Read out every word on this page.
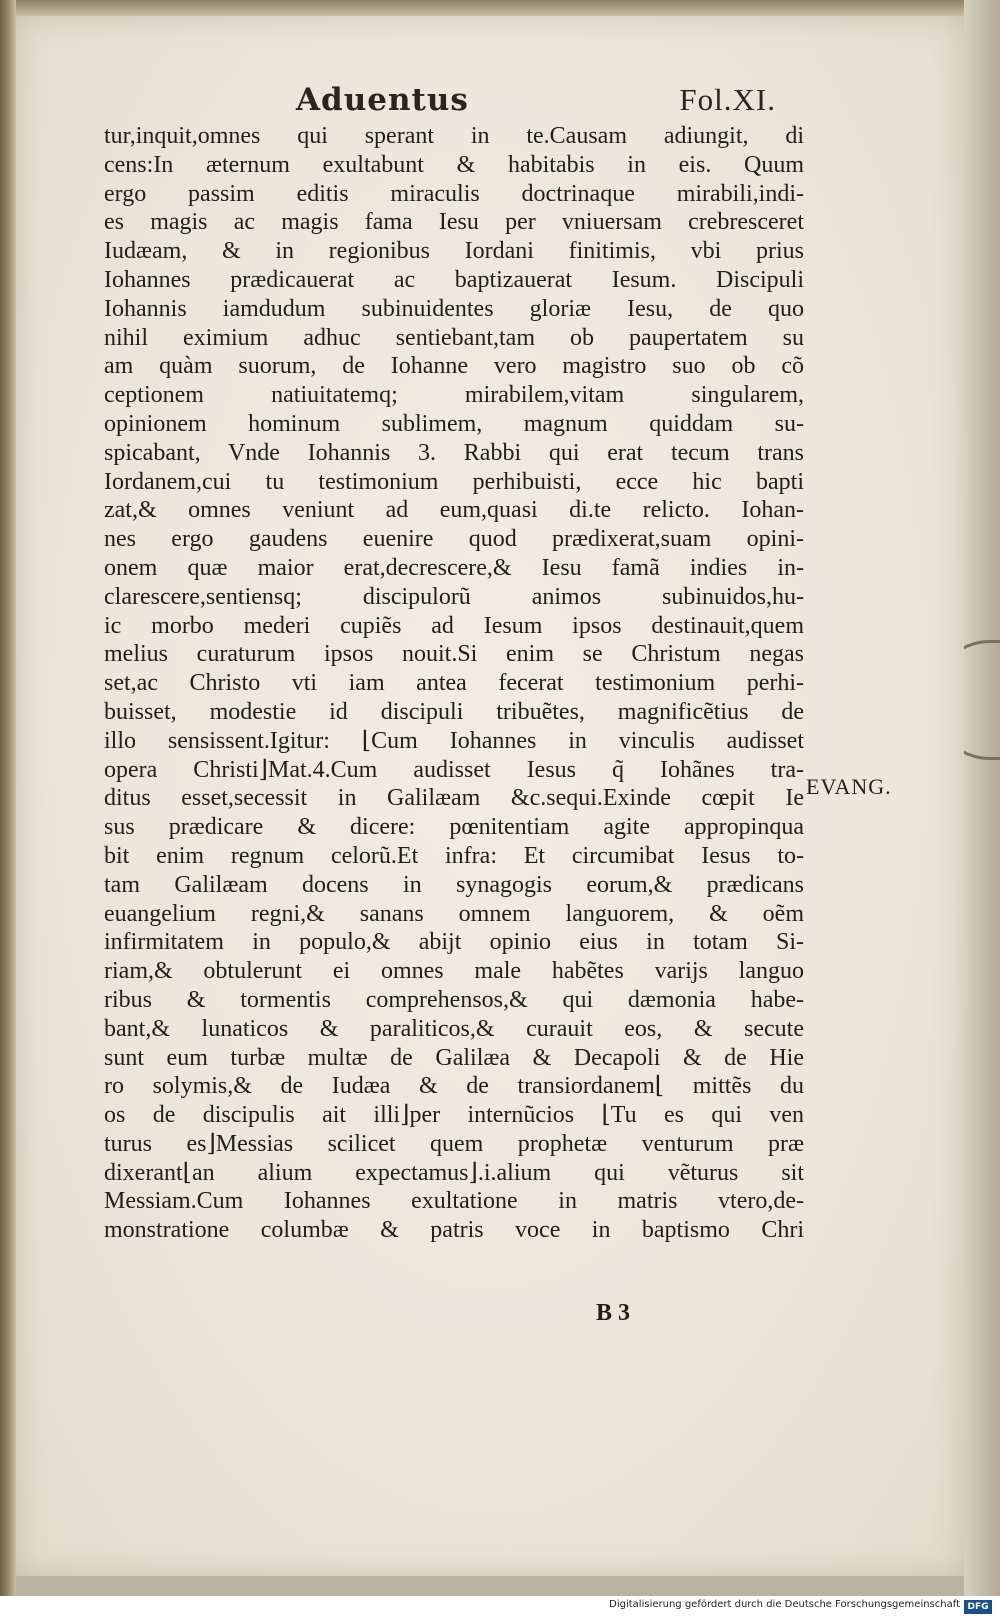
Aduentus	Fol.XI.
tur,inquit,omnes qui sperant in te.Causam adiungit, di
cens:In æternum exultabunt & habitabis in eis. Quum
ergo passim editis miraculis doctrinaque mirabili,indi-
es magis ac magis fama Iesu per vniuersam crebresceret
Iudæam, & in regionibus Iordani finitimis, vbi prius
Iohannes prædicauerat ac baptizauerat Iesum. Discipuli
Iohannis iamdudum subinuidentes gloriæ Iesu, de quo
nihil eximium adhuc sentiebant,tam ob paupertatem su
am quàm suorum, de Iohanne vero magistro suo ob cõ
ceptionem natiuitatemq; mirabilem,vitam singularem,
opinionem hominum sublimem, magnum quiddam su-
spicabant, Vnde Iohannis 3. Rabbi qui erat tecum trans
Iordanem,cui tu testimonium perhibuisti, ecce hic bapti
zat,& omnes veniunt ad eum,quasi di.te relicto. Iohan-
nes ergo gaudens euenire quod prædixerat,suam opini-
onem quæ maior erat,decrescere,& Iesu famã indies in-
clarescere,sentiensq; discipulorũ animos subinuidos,hu-
ic morbo mederi cupiẽs ad Iesum ipsos destinauit,quem
melius curaturum ipsos nouit.Si enim se Christum negas
set,ac Christo vti iam antea fecerat testimonium perhi-
buisset, modestie id discipuli tribuẽtes, magnificẽtius de
illo sensissent.Igitur: ⌊Cum Iohannes in vinculis audisset
opera Christi⌋Mat.4.Cum audisset Iesus q̃ Iohãnes tra-
ditus esset,secessit in Galilæam &c.sequi.Exinde cœpit Ie
sus prædicare & dicere: pœnitentiam agite appropinqua
bit enim regnum celorũ.Et infra: Et circumibat Iesus to-
tam Galilæam docens in synagogis eorum,& prædicans
euangelium regni,& sanans omnem languorem, & oẽm
infirmitatem in populo,& abijt opinio eius in totam Si-
riam,& obtulerunt ei omnes male habẽtes varijs languo
ribus & tormentis comprehensos,& qui dæmonia habe-
bant,& lunaticos & paraliticos,& curauit eos, & secute
sunt eum turbæ multæ de Galilæa & Decapoli & de Hie
ro solymis,& de Iudæa & de transiordanem⌊ mittẽs du
os de discipulis ait illi⌋per internũcios ⌊Tu es qui ven
turus es⌋Messias scilicet quem prophetæ venturum præ
dixerant⌊an alium expectamus⌋.i.alium qui vẽturus sit
Messiam.Cum Iohannes exultatione in matris vtero,de-
monstratione columbæ & patris voce in baptismo Chri
EVANG.
B 3
Digitalisierung gefördert durch die Deutsche Forschungsgemeinschaft DFG
